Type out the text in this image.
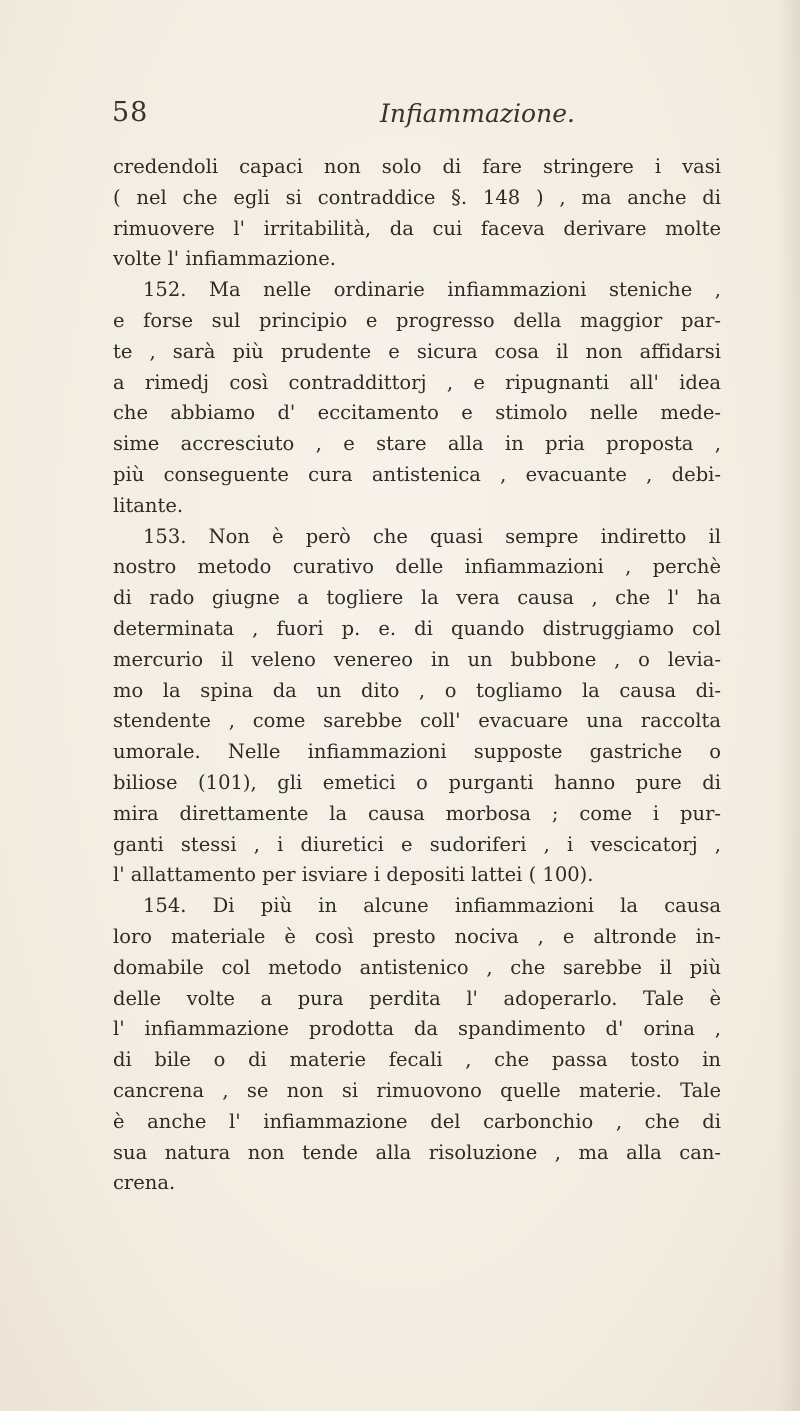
58	Infiammazione.
credendoli capaci non solo di fare stringere i vasi
( nel che egli si contraddice §. 148 ) , ma anche di
rimuovere l' irritabilità, da cui faceva derivare molte
volte l' infiammazione.
152. Ma nelle ordinarie infiammazioni steniche ,
e forse sul principio e progresso della maggior par-
te , sarà più prudente e sicura cosa il non affidarsi
a rimedj così contraddittorj , e ripugnanti all' idea
che abbiamo d' eccitamento e stimolo nelle mede-
sime accresciuto , e stare alla in pria proposta ,
più conseguente cura antistenica , evacuante , debi-
litante.
153. Non è però che quasi sempre indiretto il
nostro metodo curativo delle infiammazioni , perchè
di rado giugne a togliere la vera causa , che l' ha
determinata , fuori p. e. di quando distruggiamo col
mercurio il veleno venereo in un bubbone , o levia-
mo la spina da un dito , o togliamo la causa di-
stendente , come sarebbe coll' evacuare una raccolta
umorale. Nelle infiammazioni supposte gastriche o
biliose (101), gli emetici o purganti hanno pure di
mira direttamente la causa morbosa ; come i pur-
ganti stessi , i diuretici e sudoriferi , i vescicatorj ,
l' allattamento per isviare i depositi lattei ( 100).
154. Di più in alcune infiammazioni la causa
loro materiale è così presto nociva , e altronde in-
domabile col metodo antistenico , che sarebbe il più
delle volte a pura perdita l' adoperarlo. Tale è
l' infiammazione prodotta da spandimento d' orina ,
di bile o di materie fecali , che passa tosto in
cancrena , se non si rimuovono quelle materie. Tale
è anche l' infiammazione del carbonchio , che di
sua natura non tende alla risoluzione , ma alla can-
crena.
